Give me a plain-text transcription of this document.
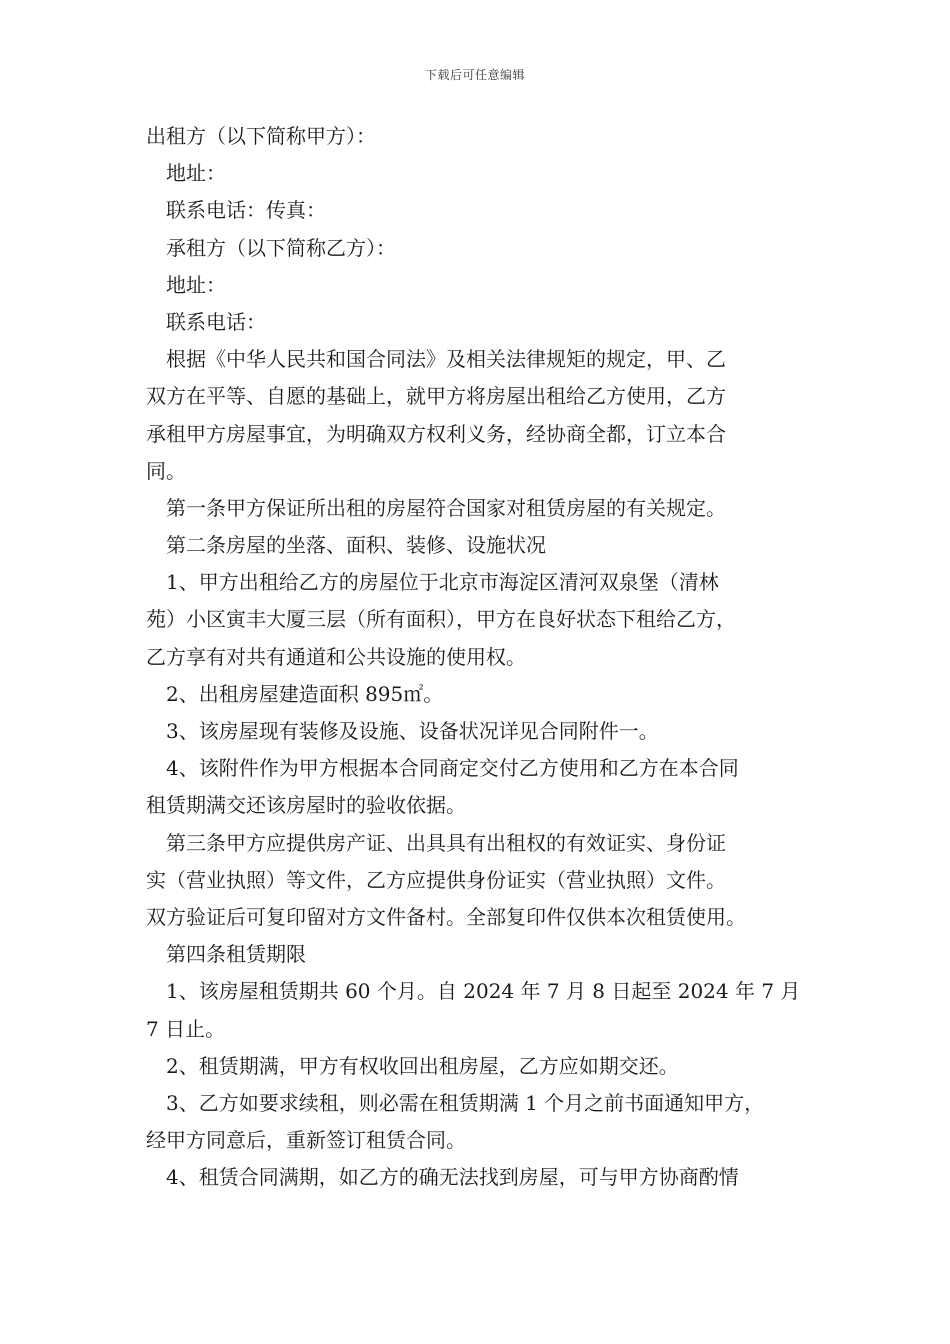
下载后可任意编辑
出租方（以下简称甲方）：
地址：
联系电话：传真：
承租方（以下简称乙方）：
地址：
联系电话：
根据《中华人民共和国合同法》及相关法律规矩的规定，甲、乙
双方在平等、自愿的基础上，就甲方将房屋出租给乙方使用，乙方
承租甲方房屋事宜，为明确双方权利义务，经协商全都，订立本合
同。
第一条甲方保证所出租的房屋符合国家对租赁房屋的有关规定。
第二条房屋的坐落、面积、装修、设施状况
1、甲方出租给乙方的房屋位于北京市海淀区清河双泉堡（清林
苑）小区寅丰大厦三层（所有面积），甲方在良好状态下租给乙方，
乙方享有对共有通道和公共设施的使用权。
2、出租房屋建造面积 895㎡。
3、该房屋现有装修及设施、设备状况详见合同附件一。
4、该附件作为甲方根据本合同商定交付乙方使用和乙方在本合同
租赁期满交还该房屋时的验收依据。
第三条甲方应提供房产证、出具具有出租权的有效证实、身份证
实（营业执照）等文件，乙方应提供身份证实（营业执照）文件。
双方验证后可复印留对方文件备村。全部复印件仅供本次租赁使用。
第四条租赁期限
1、该房屋租赁期共 60 个月。自 2024 年 7 月 8 日起至 2024 年 7 月
7 日止。
2、租赁期满，甲方有权收回出租房屋，乙方应如期交还。
3、乙方如要求续租，则必需在租赁期满 1 个月之前书面通知甲方，
经甲方同意后，重新签订租赁合同。
4、租赁合同满期，如乙方的确无法找到房屋，可与甲方协商酌情
